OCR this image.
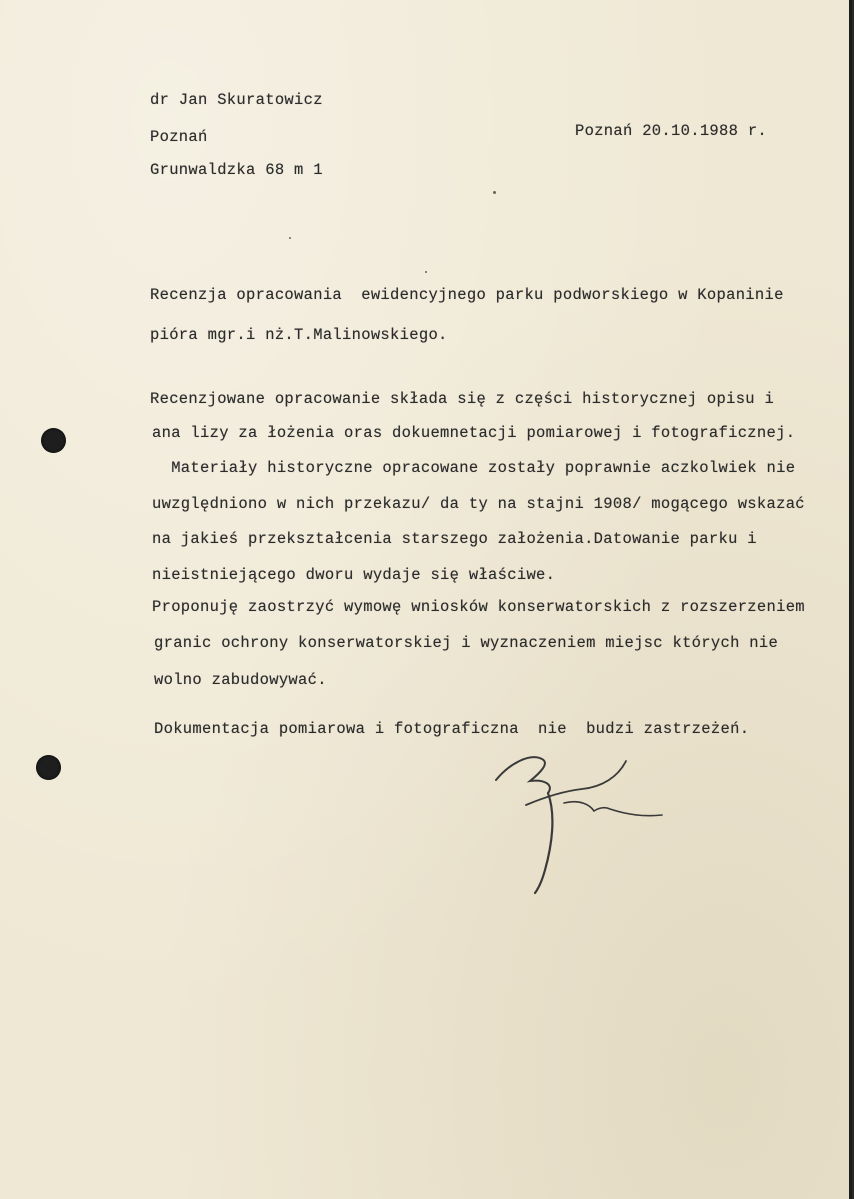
dr Jan Skuratowicz
Poznań	Poznań 20.10.1988 r.
Grunwaldzka 68 m 1
Recenzja opracowania  ewidencyjnego parku podworskiego w Kopaninie
pióra mgr.i nż.T.Malinowskiego.
Recenzjowane opracowanie składa się z części historycznej opisu i
ana lizy za łożenia oras dokuemnetacji pomiarowej i fotograficznej.
Materiały historyczne opracowane zostały poprawnie aczkolwiek nie
uwzględniono w nich przekazu/ da ty na stajni 1908/ mogącego wskazać
na jakieś przekształcenia starszego założenia.Datowanie parku i
nieistniejącego dworu wydaje się właściwe.
Proponuję zaostrzyć wymowę wniosków konserwatorskich z rozszerzeniem
granic ochrony konserwatorskiej i wyznaczeniem miejsc których nie
wolno zabudowywać.
Dokumentacja pomiarowa i fotograficzna  nie  budzi zastrzeżeń.
